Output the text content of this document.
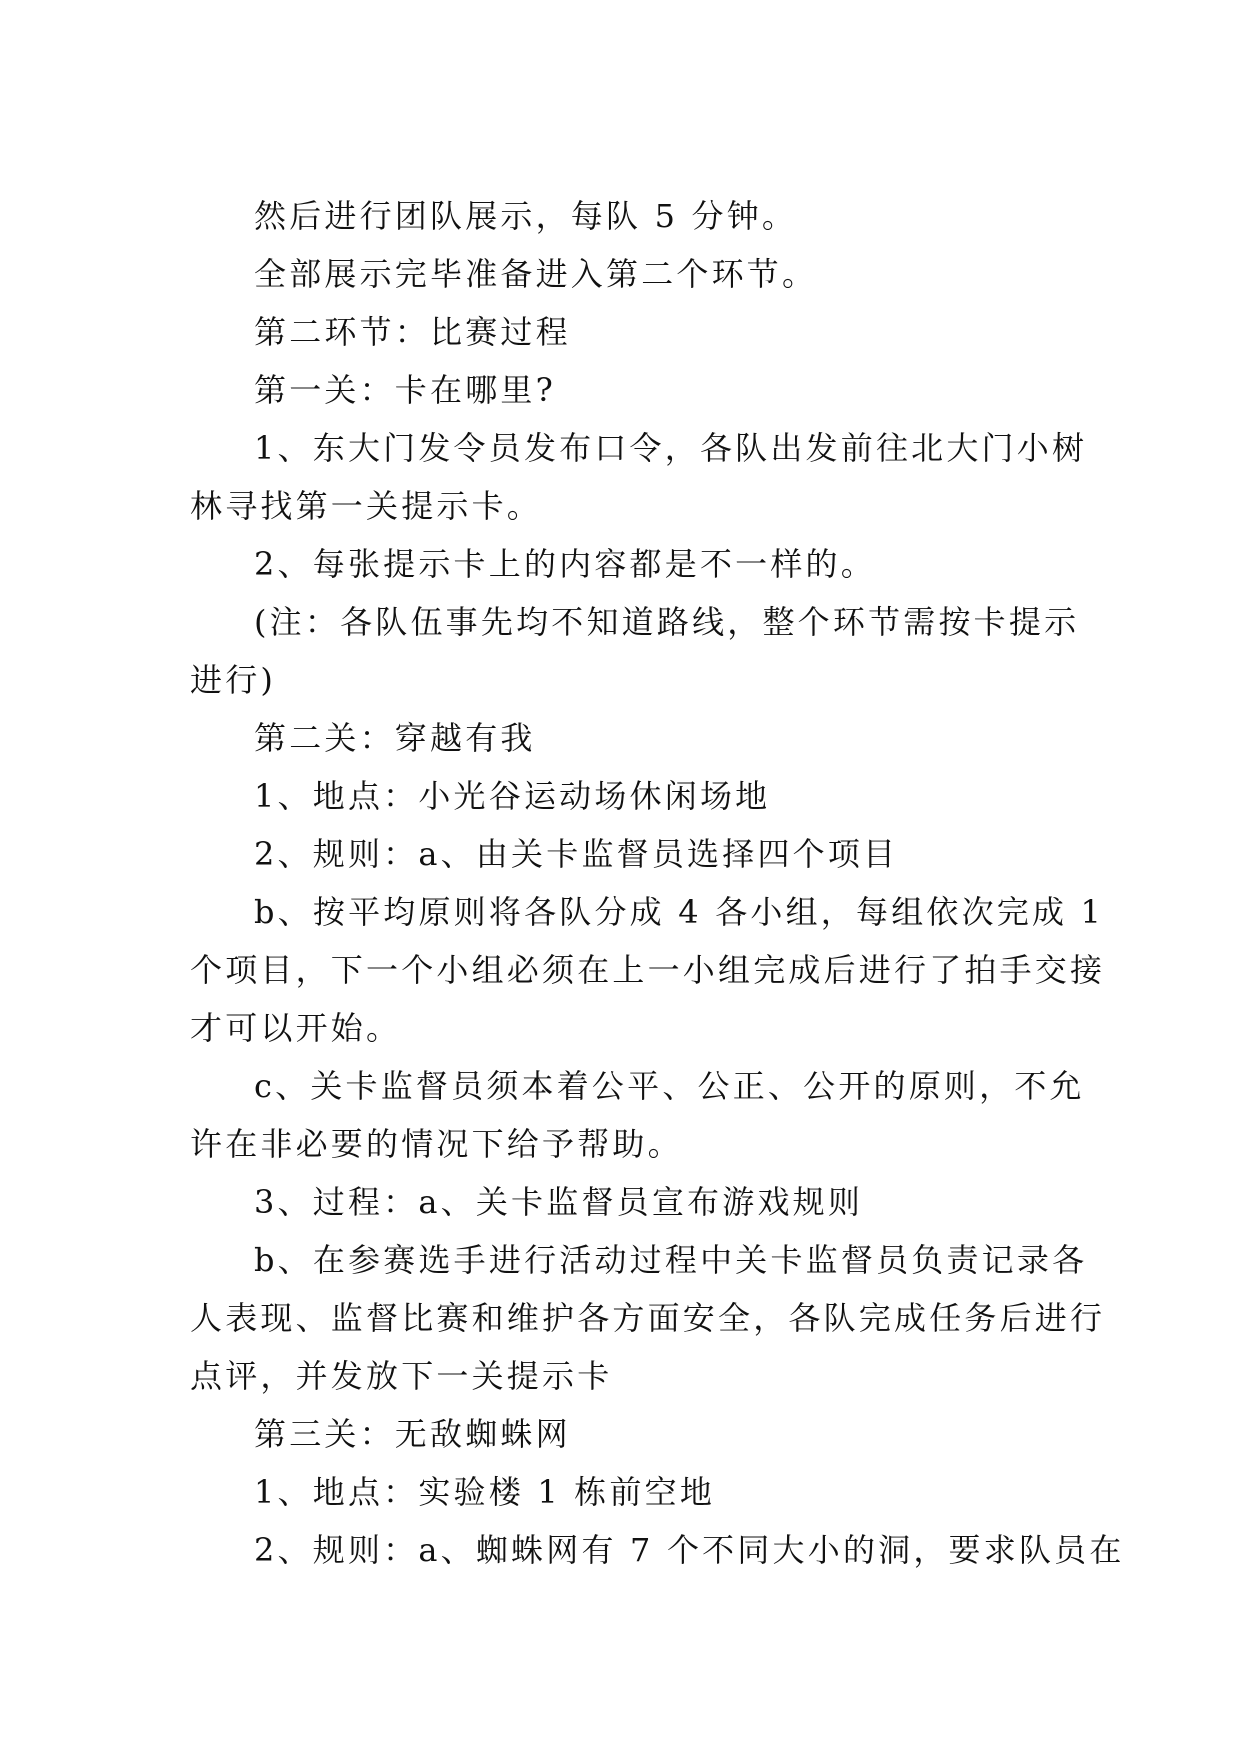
然后进行团队展示，每队 5 分钟。

全部展示完毕准备进入第二个环节。

第二环节：比赛过程

第一关：卡在哪里?

1、东大门发令员发布口令，各队出发前往北大门小树

林寻找第一关提示卡。

2、每张提示卡上的内容都是不一样的。

(注：各队伍事先均不知道路线，整个环节需按卡提示

进行)

第二关：穿越有我

1、地点：小光谷运动场休闲场地

2、规则：a、由关卡监督员选择四个项目

b、按平均原则将各队分成 4 各小组，每组依次完成 1

个项目，下一个小组必须在上一小组完成后进行了拍手交接

才可以开始。

c、关卡监督员须本着公平、公正、公开的原则，不允

许在非必要的情况下给予帮助。

3、过程：a、关卡监督员宣布游戏规则

b、在参赛选手进行活动过程中关卡监督员负责记录各

人表现、监督比赛和维护各方面安全，各队完成任务后进行

点评，并发放下一关提示卡

第三关：无敌蜘蛛网

1、地点：实验楼 1 栋前空地

2、规则：a、蜘蛛网有 7 个不同大小的洞，要求队员在
